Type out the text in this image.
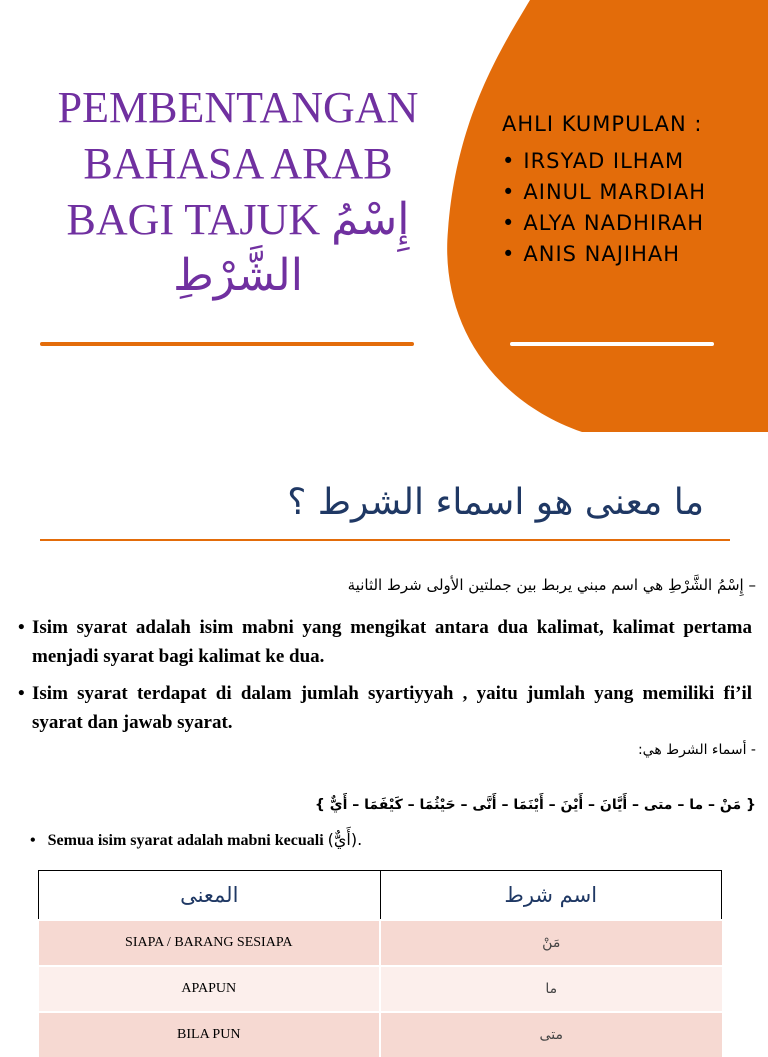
PEMBENTANGAN
BAHASA ARAB
BAGI TAJUK إِسْمُ الشَّرْطِ
AHLI KUMPULAN :
• IRSYAD ILHAM
• AINUL MARDIAH
• ALYA NADHIRAH
• ANIS NAJIHAH
ما معنى هو اسماء الشرط ؟
– إِسْمُ الشَّرْطِ هي اسم مبني يربط بين جملتين الأولى شرط الثانية
• Isim syarat adalah isim mabni yang mengikat antara dua kalimat, kalimat pertama menjadi syarat bagi kalimat ke dua.
• Isim syarat terdapat di dalam jumlah syartiyyah , yaitu jumlah yang memiliki fi’il syarat dan jawab syarat.
- أسماء الشرط هي:
{ مَنْ – ما – متى – أَيَّانَ – أَيْنَ – أَيْنَمَا – أَنَّى – حَيْثُمَا – كَيْفَمَا – أَيٌّ }
• Semua isim syarat adalah mabni kecuali (أَيٌّ).
المعنى	اسم شرط
SIAPA / BARANG SESIAPA	مَنْ
APAPUN	ما
BILA PUN	متى
